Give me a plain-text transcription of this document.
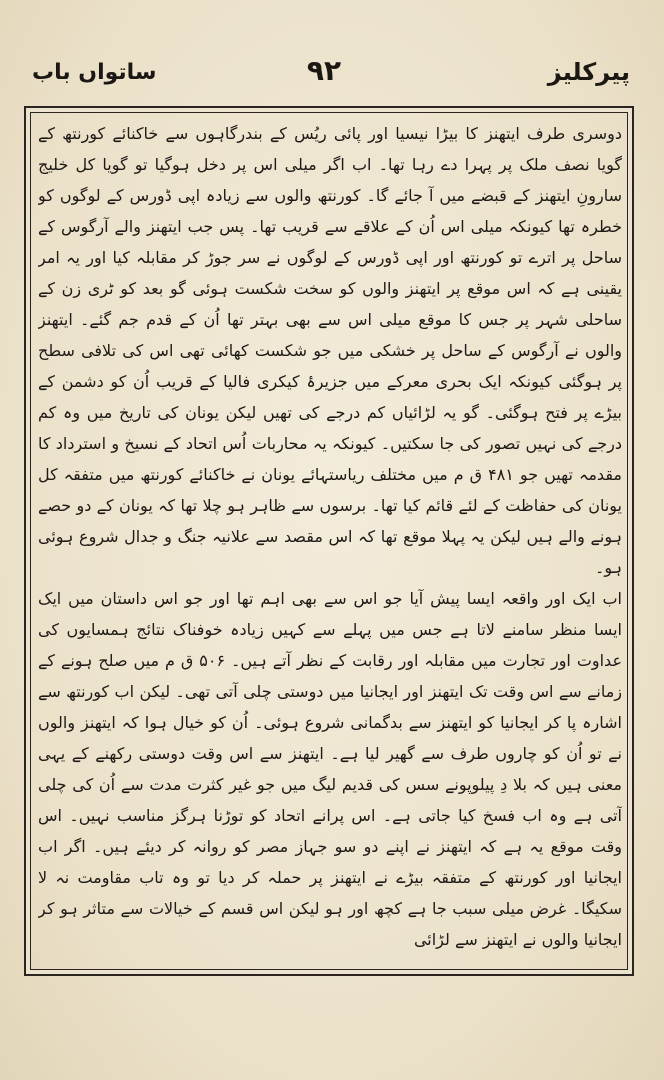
پیرکلیز
۹۲
ساتواں باب

دوسری طرف ایتھنز کا بیڑا نیسیا اور پائی ریُس کے بندرگاہوں سے خاکنائے کورنتھ کے گویا نصف ملک پر پہرا دے رہا تھا۔ اب اگر میلی اس پر دخل ہوگیا تو گویا کل خلیج سارونِ ایتھنز کے قبضے میں آ جائے گا۔ کورنتھ والوں سے زیادہ اپی ڈورس کے لوگوں کو خطرہ تھا کیونکہ میلی اس اُن کے علاقے سے قریب تھا۔ پس جب ایتھنز والے آرگوس کے ساحل پر اترے تو کورنتھ اور اپی ڈورس کے لوگوں نے سر جوڑ کر مقابلہ کیا اور یہ امر یقینی ہے کہ اس موقع پر ایتھنز والوں کو سخت شکست ہوئی گو بعد کو ٹری زن کے ساحلی شہر پر جس کا موقع میلی اس سے بھی بہتر تھا اُن کے قدم جم گئے۔ ایتھنز والوں نے آرگوس کے ساحل پر خشکی میں جو شکست کھائی تھی اس کی تلافی سطح پر ہوگئی کیونکہ ایک بحری معرکے میں جزیرۂ کیکری فالیا کے قریب اُن کو دشمن کے بیڑے پر فتح ہوگئی۔ گو یہ لڑائیاں کم درجے کی تھیں لیکن یونان کی تاریخ میں وہ کم درجے کی نہیں تصور کی جا سکتیں۔ کیونکہ یہ محاربات اُس اتحاد کے نسیخ و استرداد کا مقدمہ تھیں جو ۴۸۱ ق م میں مختلف ریاستہائے یونان نے خاکنائے کورنتھ میں متفقہ کل یونان کی حفاظت کے لئے قائم کیا تھا۔ برسوں سے ظاہر ہو چلا تھا کہ یونان کے دو حصے ہونے والے ہیں لیکن یہ پہلا موقع تھا کہ اس مقصد سے علانیہ جنگ و جدال شروع ہوئی ہو۔

اب ایک اور واقعہ ایسا پیش آیا جو اس سے بھی اہم تھا اور جو اس داستان میں ایک ایسا منظر سامنے لاتا ہے جس میں پہلے سے کہیں زیادہ خوفناک نتائج ہمسایوں کی عداوت اور تجارت میں مقابلہ اور رقابت کے نظر آتے ہیں۔ ۵۰۶ ق م میں صلح ہونے کے زمانے سے اس وقت تک ایتھنز اور ایجانیا میں دوستی چلی آتی تھی۔ لیکن اب کورنتھ سے اشارہ پا کر ایجانیا کو ایتھنز سے بدگمانی شروع ہوئی۔ اُن کو خیال ہوا کہ ایتھنز والوں نے تو اُن کو چاروں طرف سے گھیر لیا ہے۔ ایتھنز سے اس وقت دوستی رکھنے کے یہی معنی ہیں کہ بلا دِ پیلوپونے سس کی قدیم لیگ میں جو غیر کثرت مدت سے اُن کی چلی آتی ہے وہ اب فسخ کیا جاتی ہے۔ اس پرانے اتحاد کو توڑنا ہرگز مناسب نہیں۔ اس وقت موقع یہ ہے کہ ایتھنز نے اپنے دو سو جہاز مصر کو روانہ کر دیئے ہیں۔ اگر اب ایجانیا اور کورنتھ کے متفقہ بیڑے نے ایتھنز پر حملہ کر دیا تو وہ تاب مقاومت نہ لا سکیگا۔ غرض میلی سبب جا ہے کچھ اور ہو لیکن اس قسم کے خیالات سے متاثر ہو کر ایجانیا والوں نے ایتھنز سے لڑائی
